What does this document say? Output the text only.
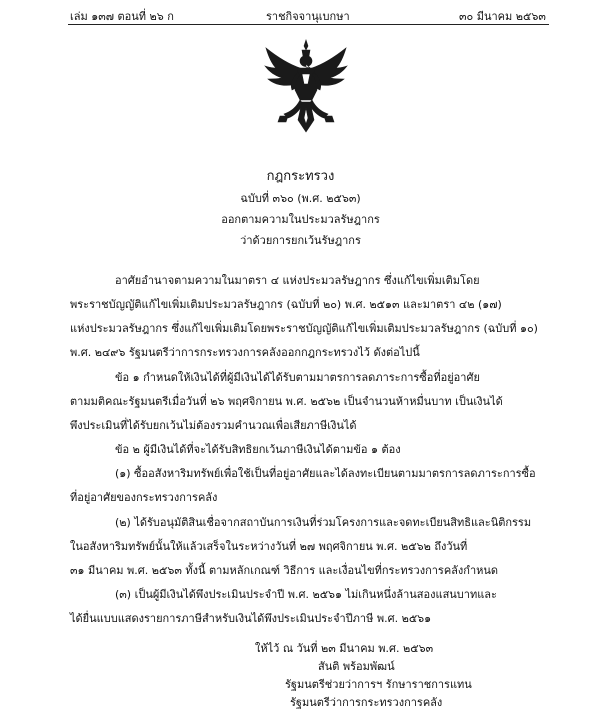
เล่ม ๑๓๗ ตอนที่ ๒๖ ก	ราชกิจจานุเบกษา	๓๐ มีนาคม ๒๕๖๓
กฎกระทรวง
ฉบับที่ ๓๖๐ (พ.ศ. ๒๕๖๓)
ออกตามความในประมวลรัษฎากร
ว่าด้วยการยกเว้นรัษฎากร
อาศัยอำนาจตามความในมาตรา ๔ แห่งประมวลรัษฎากร ซึ่งแก้ไขเพิ่มเติมโดย
พระราชบัญญัติแก้ไขเพิ่มเติมประมวลรัษฎากร (ฉบับที่ ๒๐) พ.ศ. ๒๕๑๓ และมาตรา ๔๒ (๑๗)
แห่งประมวลรัษฎากร ซึ่งแก้ไขเพิ่มเติมโดยพระราชบัญญัติแก้ไขเพิ่มเติมประมวลรัษฎากร (ฉบับที่ ๑๐)
พ.ศ. ๒๔๙๖ รัฐมนตรีว่าการกระทรวงการคลังออกกฎกระทรวงไว้ ดังต่อไปนี้
ข้อ ๑ กำหนดให้เงินได้ที่ผู้มีเงินได้ได้รับตามมาตรการลดภาระการซื้อที่อยู่อาศัย
ตามมติคณะรัฐมนตรีเมื่อวันที่ ๒๖ พฤศจิกายน พ.ศ. ๒๕๖๒ เป็นจำนวนห้าหมื่นบาท เป็นเงินได้
พึงประเมินที่ได้รับยกเว้นไม่ต้องรวมคำนวณเพื่อเสียภาษีเงินได้
ข้อ ๒ ผู้มีเงินได้ที่จะได้รับสิทธิยกเว้นภาษีเงินได้ตามข้อ ๑ ต้อง
(๑) ซื้ออสังหาริมทรัพย์เพื่อใช้เป็นที่อยู่อาศัยและได้ลงทะเบียนตามมาตรการลดภาระการซื้อ
ที่อยู่อาศัยของกระทรวงการคลัง
(๒) ได้รับอนุมัติสินเชื่อจากสถาบันการเงินที่ร่วมโครงการและจดทะเบียนสิทธิและนิติกรรม
ในอสังหาริมทรัพย์นั้นให้แล้วเสร็จในระหว่างวันที่ ๒๗ พฤศจิกายน พ.ศ. ๒๕๖๒ ถึงวันที่
๓๑ มีนาคม พ.ศ. ๒๕๖๓ ทั้งนี้ ตามหลักเกณฑ์ วิธีการ และเงื่อนไขที่กระทรวงการคลังกำหนด
(๓) เป็นผู้มีเงินได้พึงประเมินประจำปี พ.ศ. ๒๕๖๑ ไม่เกินหนึ่งล้านสองแสนบาทและ
ได้ยื่นแบบแสดงรายการภาษีสำหรับเงินได้พึงประเมินประจำปีภาษี พ.ศ. ๒๕๖๑
ให้ไว้ ณ วันที่ ๒๓ มีนาคม พ.ศ. ๒๕๖๓
สันติ พร้อมพัฒน์
รัฐมนตรีช่วยว่าการฯ รักษาราชการแทน
รัฐมนตรีว่าการกระทรวงการคลัง
